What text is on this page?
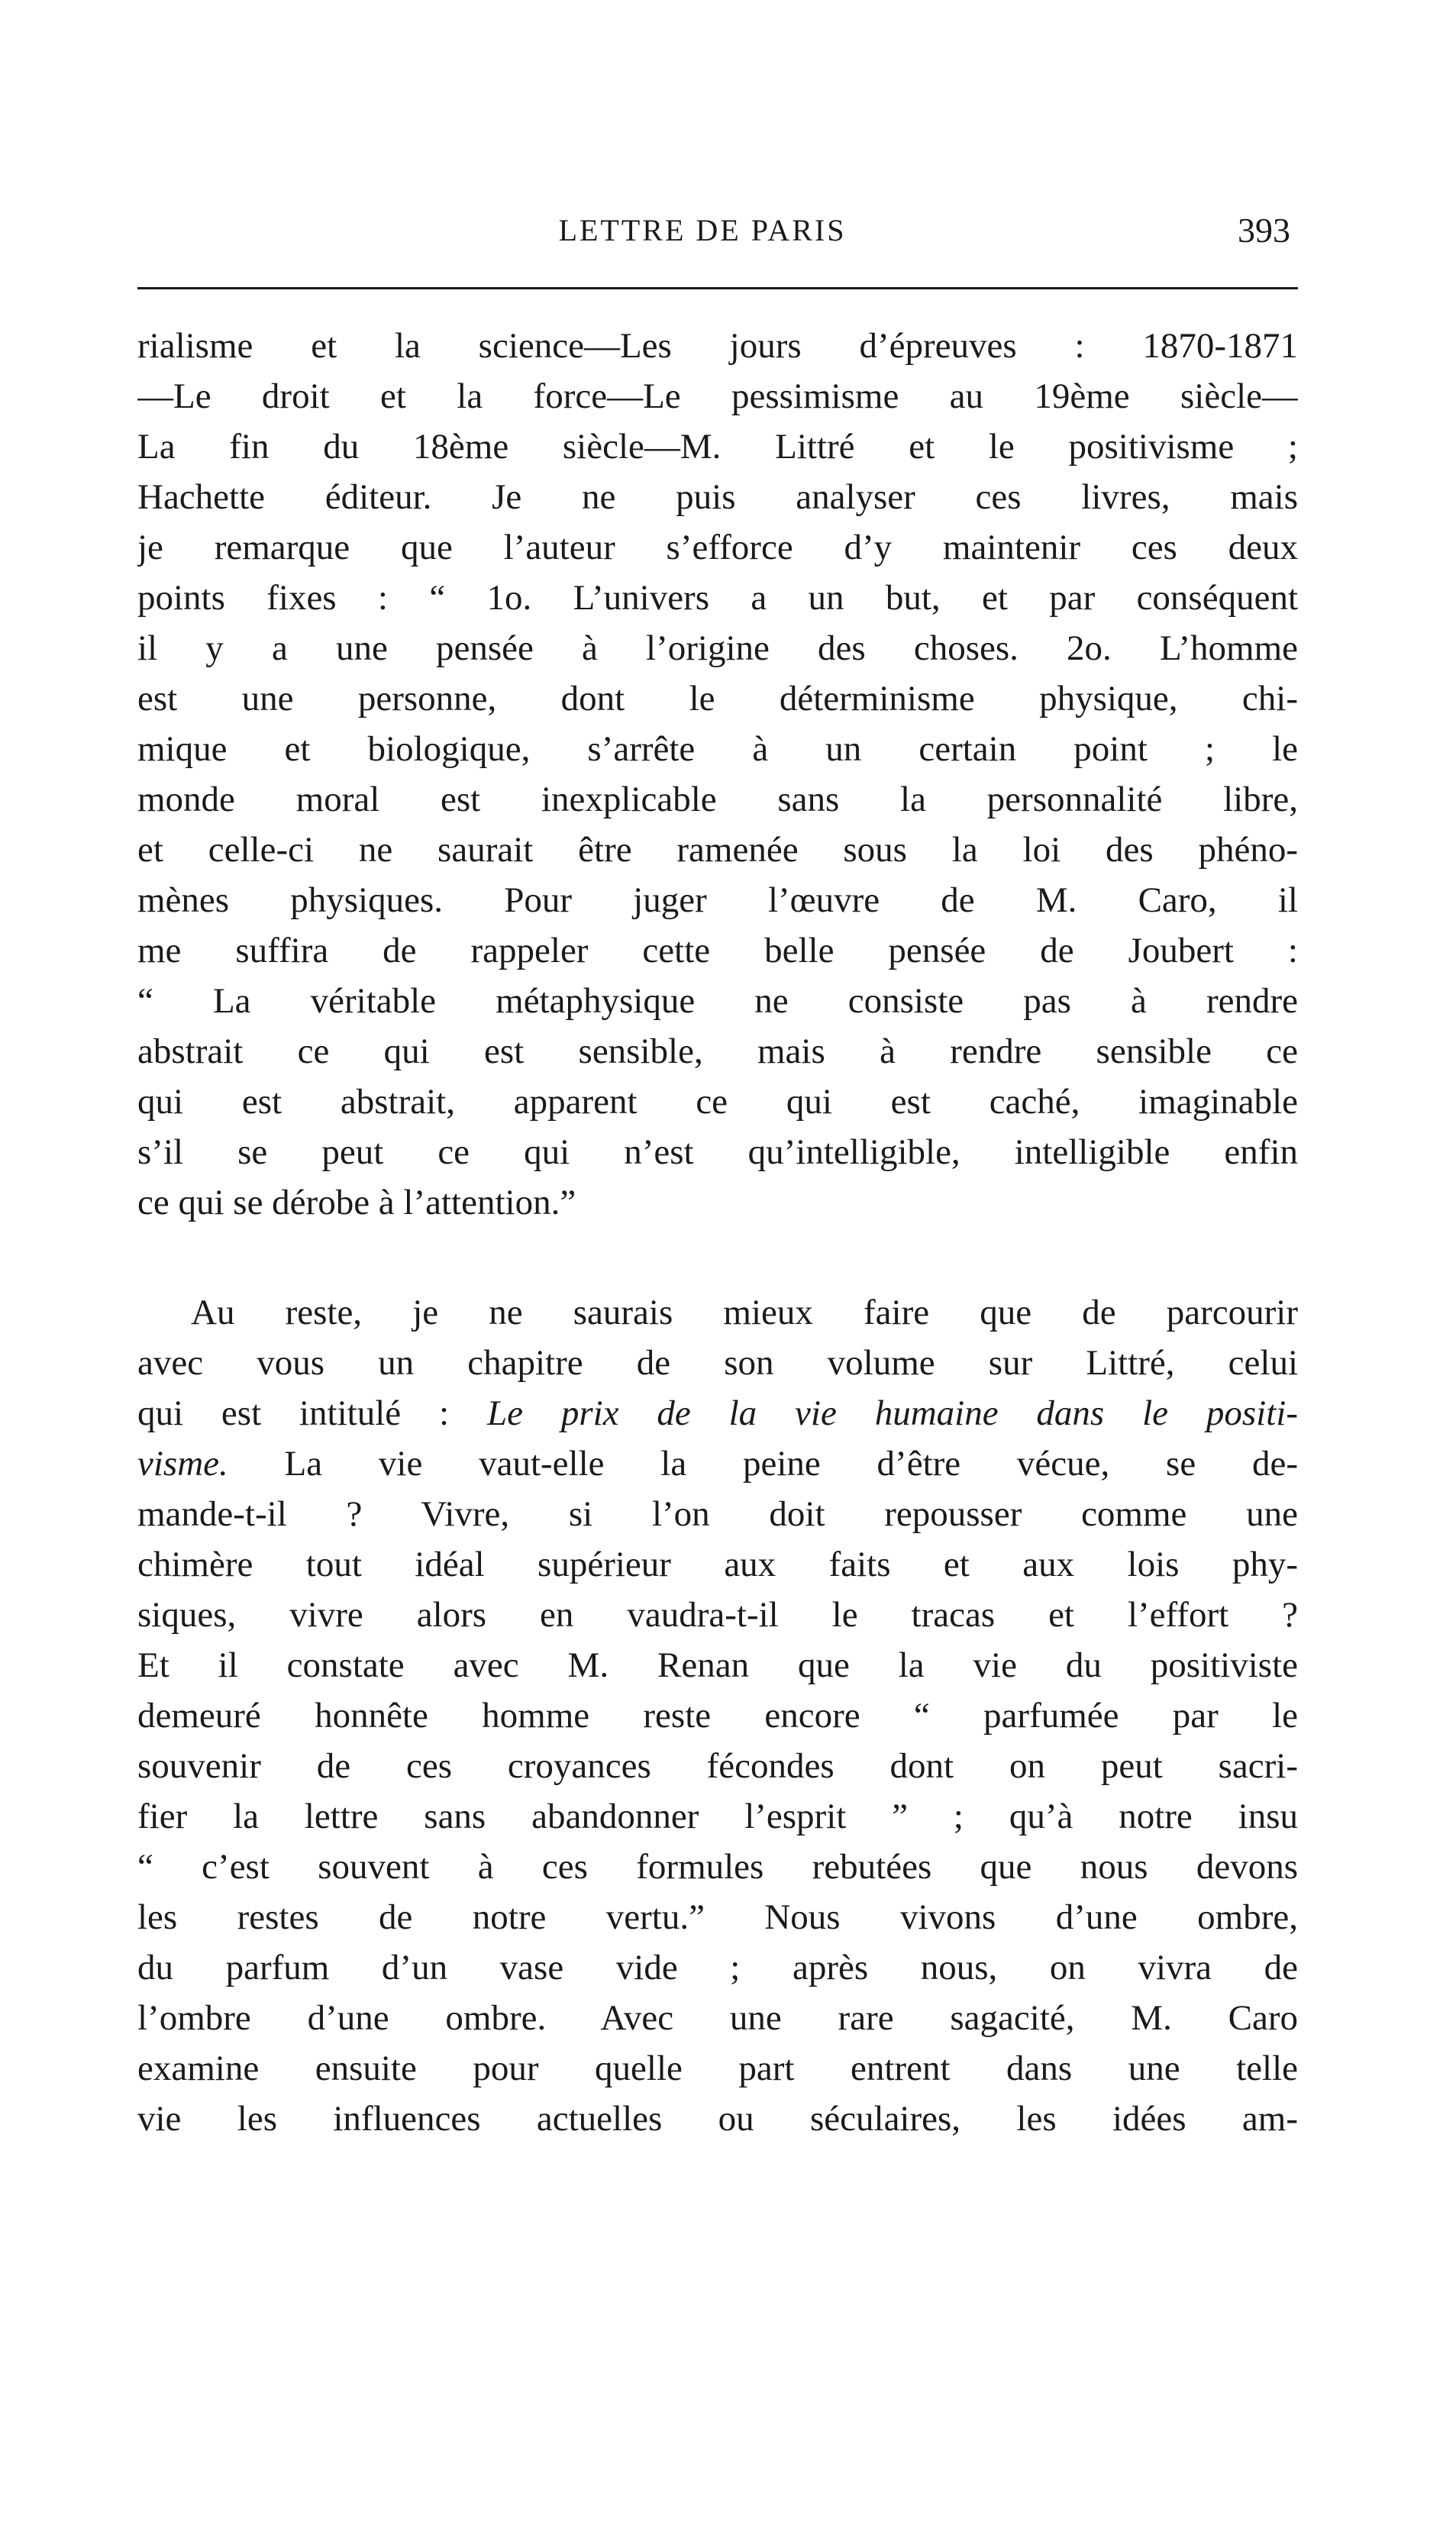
LETTRE DE PARIS	393
rialisme et la science—Les jours d’épreuves : 1870-1871
—Le droit et la force—Le pessimisme au 19ème siècle—
La fin du 18ème siècle—M. Littré et le positivisme ;
Hachette éditeur. Je ne puis analyser ces livres, mais
je remarque que l’auteur s’efforce d’y maintenir ces deux
points fixes : “ 1o. L’univers a un but, et par conséquent
il y a une pensée à l’origine des choses. 2o. L’homme
est une personne, dont le déterminisme physique, chi-
mique et biologique, s’arrête à un certain point ; le
monde moral est inexplicable sans la personnalité libre,
et celle-ci ne saurait être ramenée sous la loi des phéno-
mènes physiques. Pour juger l’œuvre de M. Caro, il
me suffira de rappeler cette belle pensée de Joubert :
“ La véritable métaphysique ne consiste pas à rendre
abstrait ce qui est sensible, mais à rendre sensible ce
qui est abstrait, apparent ce qui est caché, imaginable
s’il se peut ce qui n’est qu’intelligible, intelligible enfin
ce qui se dérobe à l’attention.”
Au reste, je ne saurais mieux faire que de parcourir
avec vous un chapitre de son volume sur Littré, celui
qui est intitulé : Le prix de la vie humaine dans le positi-
visme. La vie vaut-elle la peine d’être vécue, se de-
mande-t-il ? Vivre, si l’on doit repousser comme une
chimère tout idéal supérieur aux faits et aux lois phy-
siques, vivre alors en vaudra-t-il le tracas et l’effort ?
Et il constate avec M. Renan que la vie du positiviste
demeuré honnête homme reste encore “ parfumée par le
souvenir de ces croyances fécondes dont on peut sacri-
fier la lettre sans abandonner l’esprit ” ; qu’à notre insu
“ c’est souvent à ces formules rebutées que nous devons
les restes de notre vertu.” Nous vivons d’une ombre,
du parfum d’un vase vide ; après nous, on vivra de
l’ombre d’une ombre. Avec une rare sagacité, M. Caro
examine ensuite pour quelle part entrent dans une telle
vie les influences actuelles ou séculaires, les idées am-
